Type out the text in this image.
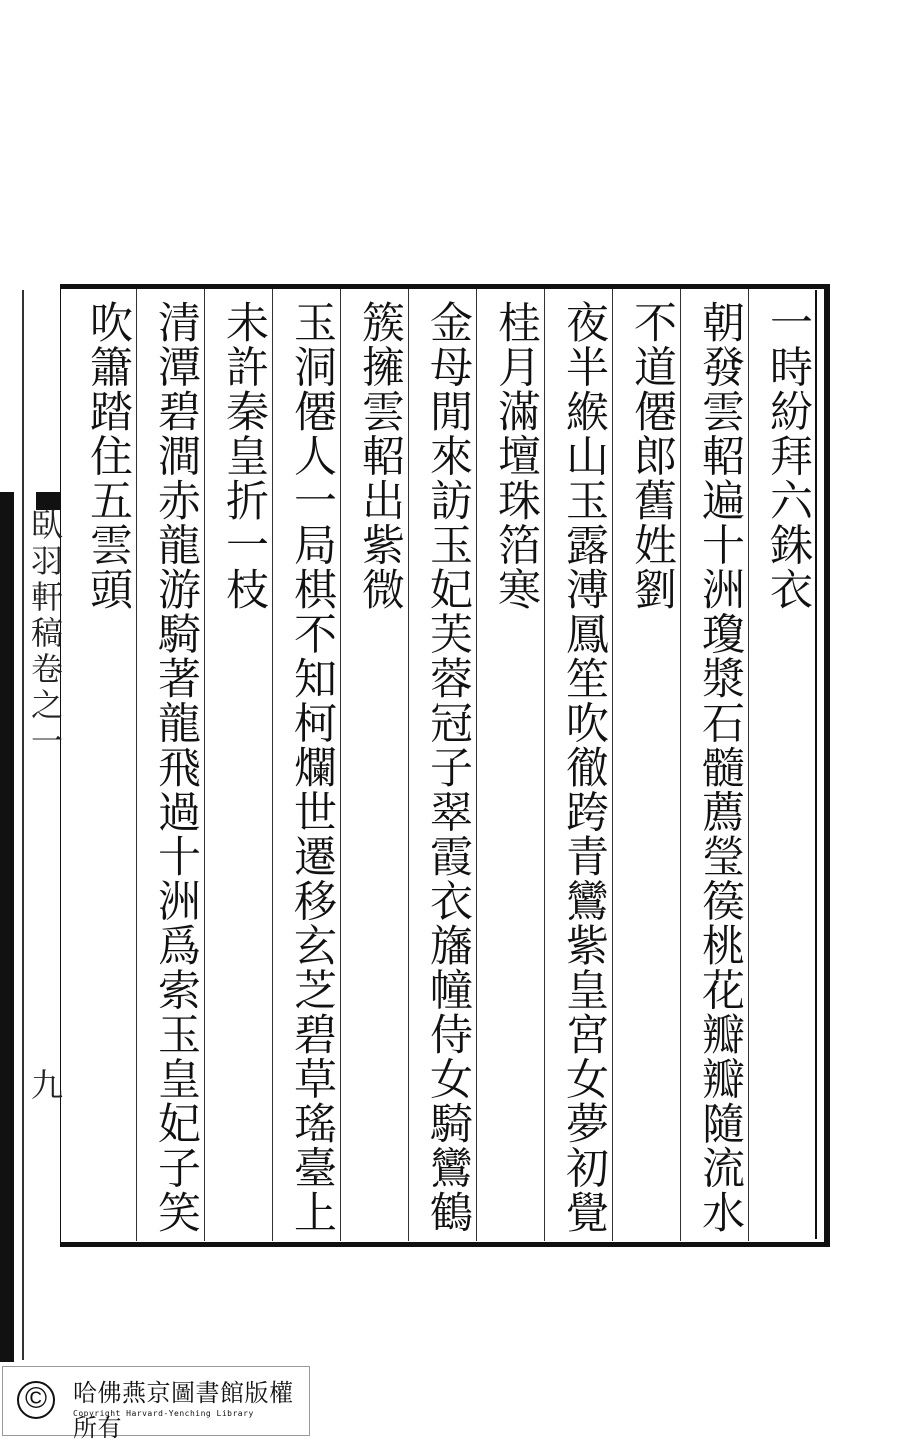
臥羽軒稿卷之一
九
一時紛拜六銖衣
朝發雲軺遍十洲瓊漿石髓薦瑩篌桃花瓣瓣隨流水
不道僊郎舊姓劉
夜半緱山玉露溥鳳笙吹徹跨青鸞紫皇宮女夢初覺
桂月滿壇珠箔寒
金母閒來訪玉妃芙蓉冠子翠霞衣旛幢侍女騎鸞鶴
簇擁雲軺出紫微
玉洞僊人一局棋不知柯爛世遷移玄芝碧草瑤臺上
未許秦皇折一枝
清潭碧澗赤龍游騎著龍飛過十洲爲索玉皇妃子笑
吹簫踏住五雲頭
©	哈佛燕京圖書館版權所有
Copyright Harvard-Yenching Library
